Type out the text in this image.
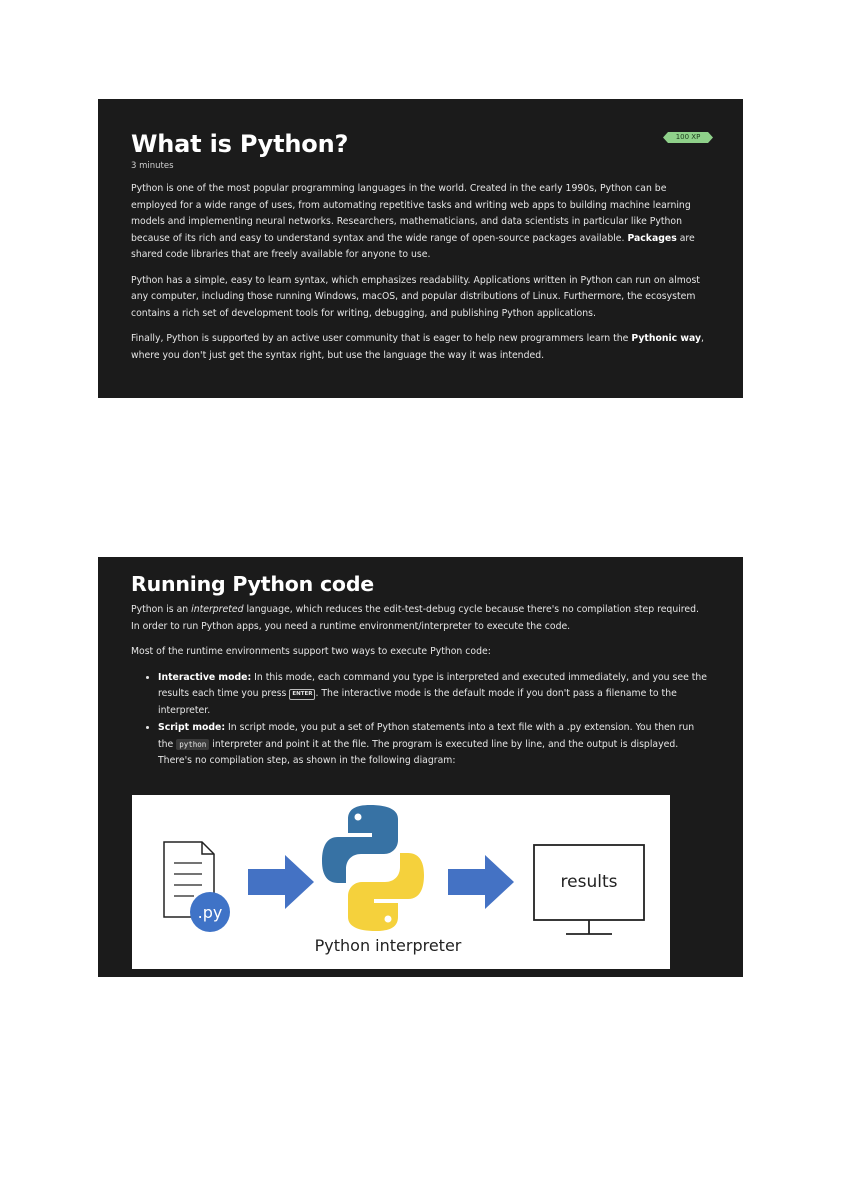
100 XP
What is Python?
3 minutes

Python is one of the most popular programming languages in the world. Created in the early 1990s, Python can be employed for a wide range of uses, from automating repetitive tasks and writing web apps to building machine learning models and implementing neural networks. Researchers, mathematicians, and data scientists in particular like Python because of its rich and easy to understand syntax and the wide range of open-source packages available. Packages are shared code libraries that are freely available for anyone to use.

Python has a simple, easy to learn syntax, which emphasizes readability. Applications written in Python can run on almost any computer, including those running Windows, macOS, and popular distributions of Linux. Furthermore, the ecosystem contains a rich set of development tools for writing, debugging, and publishing Python applications.

Finally, Python is supported by an active user community that is eager to help new programmers learn the Pythonic way, where you don't just get the syntax right, but use the language the way it was intended.

Running Python code

Python is an interpreted language, which reduces the edit-test-debug cycle because there's no compilation step required. In order to run Python apps, you need a runtime environment/interpreter to execute the code.

Most of the runtime environments support two ways to execute Python code:

• Interactive mode: In this mode, each command you type is interpreted and executed immediately, and you see the results each time you press ENTER . The interactive mode is the default mode if you don't pass a filename to the interpreter.
• Script mode: In script mode, you put a set of Python statements into a text file with a .py extension. You then run the python interpreter and point it at the file. The program is executed line by line, and the output is displayed. There's no compilation step, as shown in the following diagram:
.py
Python interpreter
results
